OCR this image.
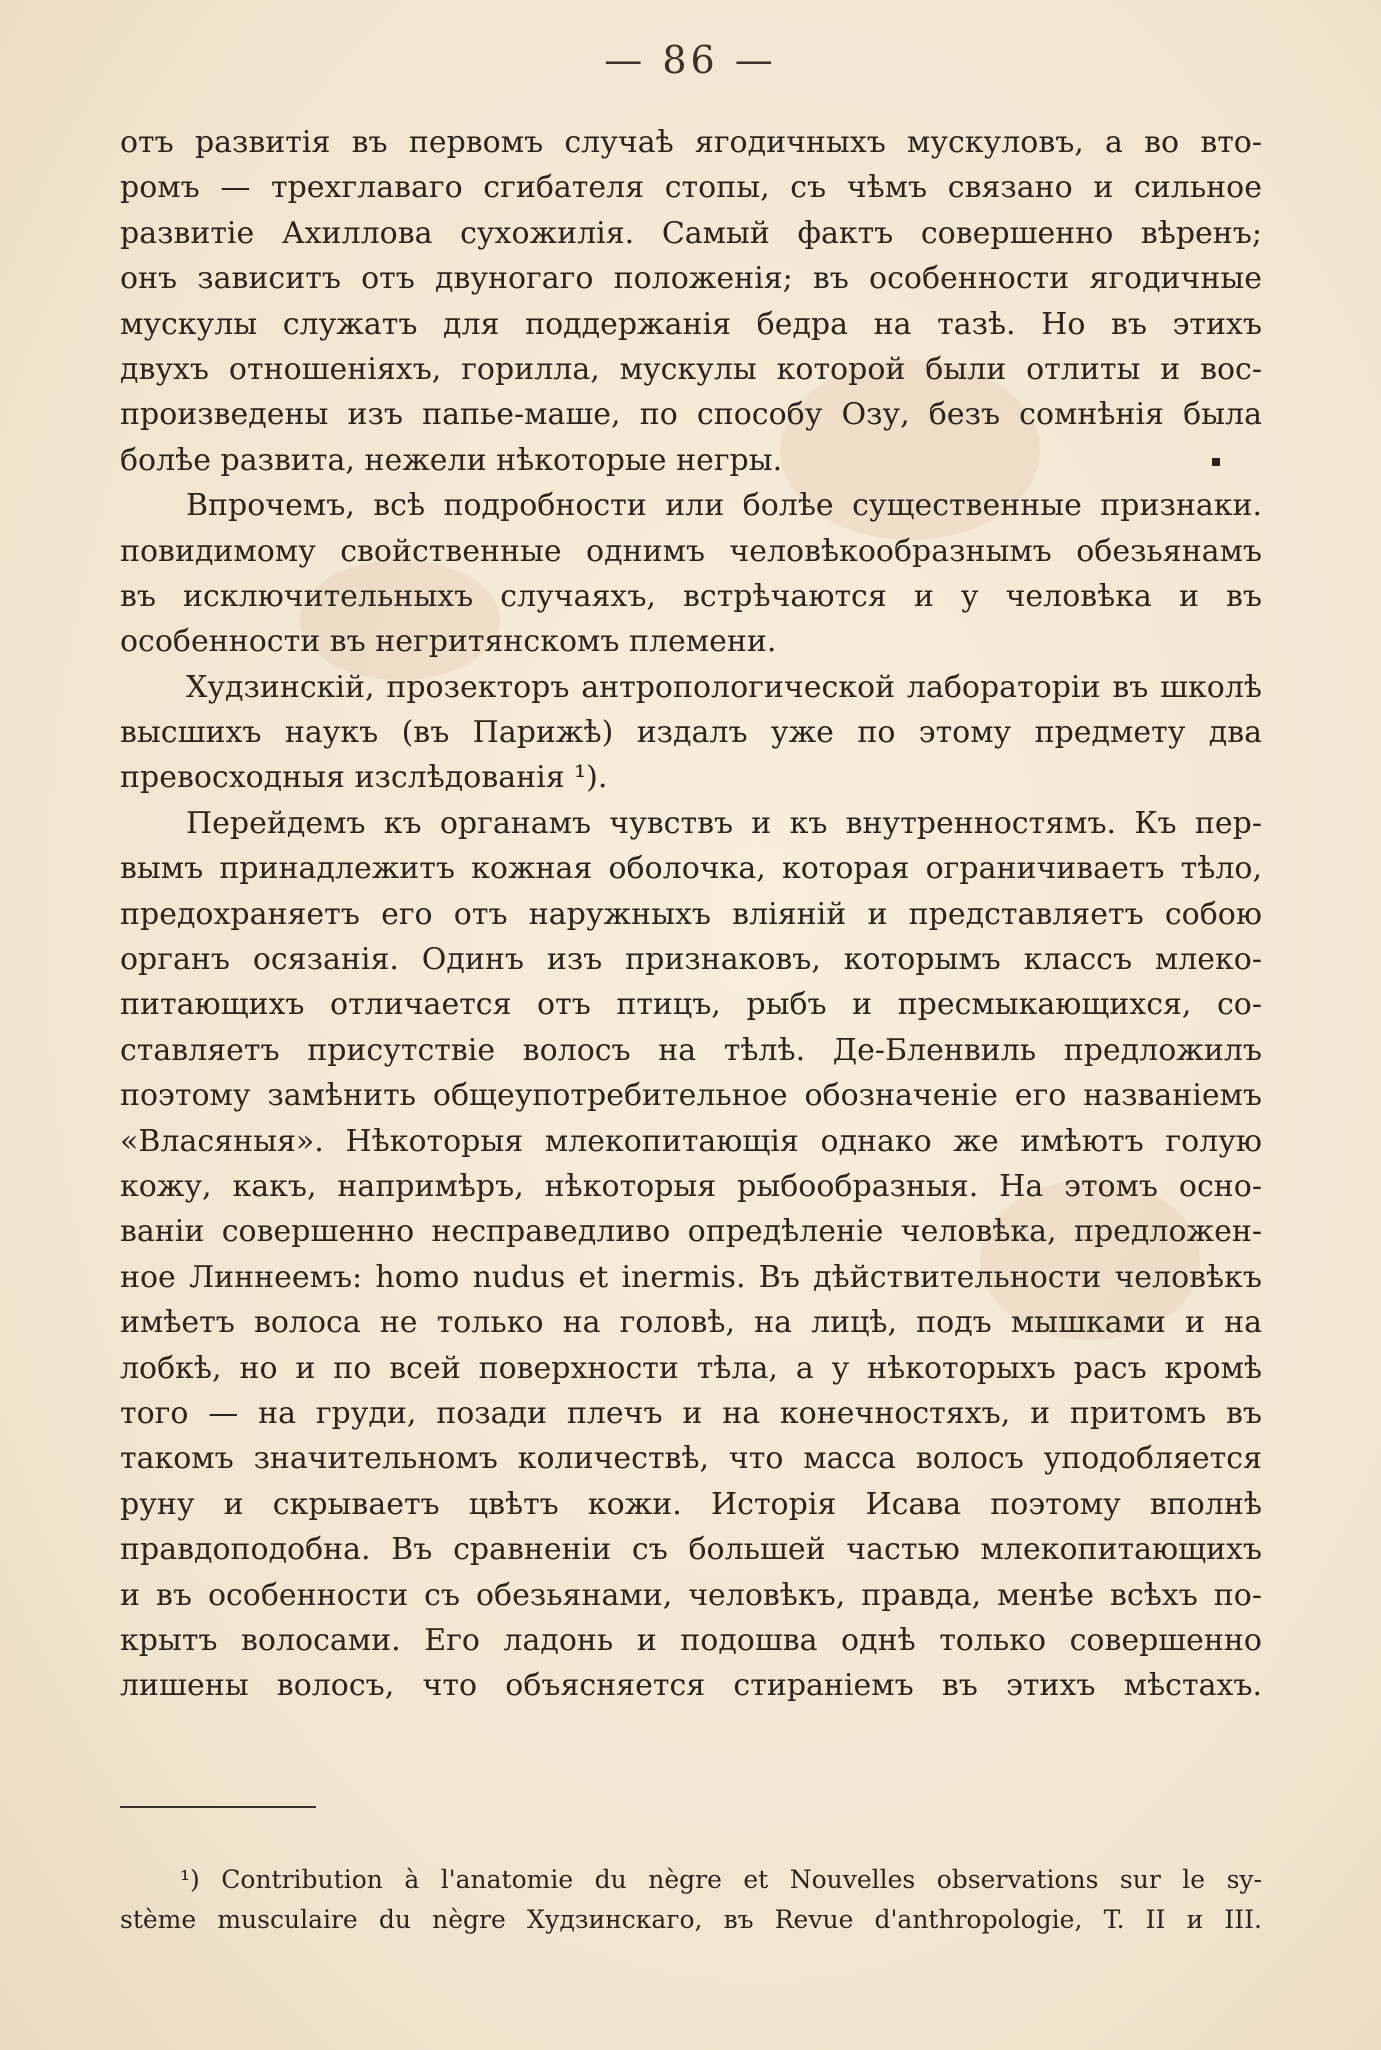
— 86 —
отъ развитія въ первомъ случаѣ ягодичныхъ мускуловъ, а во вто-
ромъ — трехглаваго сгибателя стопы, съ чѣмъ связано и сильное
развитіе Ахиллова сухожилія. Самый фактъ совершенно вѣренъ;
онъ зависитъ отъ двуногаго положенія; въ особенности ягодичные
мускулы служатъ для поддержанія бедра на тазѣ. Но въ этихъ
двухъ отношеніяхъ, горилла, мускулы которой были отлиты и вос-
произведены изъ папье-маше, по способу Озу, безъ сомнѣнія была
болѣе развита, нежели нѣкоторые негры.
Впрочемъ, всѣ подробности или болѣе существенные признаки.
повидимому свойственные однимъ человѣкообразнымъ обезьянамъ
въ исключительныхъ случаяхъ, встрѣчаются и у человѣка и въ
особенности въ негритянскомъ племени.
Худзинскій, прозекторъ антропологической лабораторіи въ школѣ
высшихъ наукъ (въ Парижѣ) издалъ уже по этому предмету два
превосходныя изслѣдованія ¹).
Перейдемъ къ органамъ чувствъ и къ внутренностямъ. Къ пер-
вымъ принадлежитъ кожная оболочка, которая ограничиваетъ тѣло,
предохраняетъ его отъ наружныхъ вліяній и представляетъ собою
органъ осязанія. Одинъ изъ признаковъ, которымъ классъ млеко-
питающихъ отличается отъ птицъ, рыбъ и пресмыкающихся, со-
ставляетъ присутствіе волосъ на тѣлѣ. Де-Бленвиль предложилъ
поэтому замѣнить общеупотребительное обозначеніе его названіемъ
«Власяныя». Нѣкоторыя млекопитающія однако же имѣютъ голую
кожу, какъ, напримѣръ, нѣкоторыя рыбообразныя. На этомъ осно-
ваніи совершенно несправедливо опредѣленіе человѣка, предложен-
ное Линнеемъ: homo nudus et inermis. Въ дѣйствительности человѣкъ
имѣетъ волоса не только на головѣ, на лицѣ, подъ мышками и на
лобкѣ, но и по всей поверхности тѣла, а у нѣкоторыхъ расъ кромѣ
того — на груди, позади плечъ и на конечностяхъ, и притомъ въ
такомъ значительномъ количествѣ, что масса волосъ уподобляется
руну и скрываетъ цвѣтъ кожи. Исторія Исава поэтому вполнѣ
правдоподобна. Въ сравненіи съ большей частью млекопитающихъ
и въ особенности съ обезьянами, человѣкъ, правда, менѣе всѣхъ по-
крытъ волосами. Его ладонь и подошва однѣ только совершенно
лишены волосъ, что объясняется стираніемъ въ этихъ мѣстахъ.
¹) Contribution à l'anatomie du nègre et Nouvelles observations sur le sy-
stème musculaire du nègre Худзинскаго, въ Revue d'anthropologie, T. II и III.
